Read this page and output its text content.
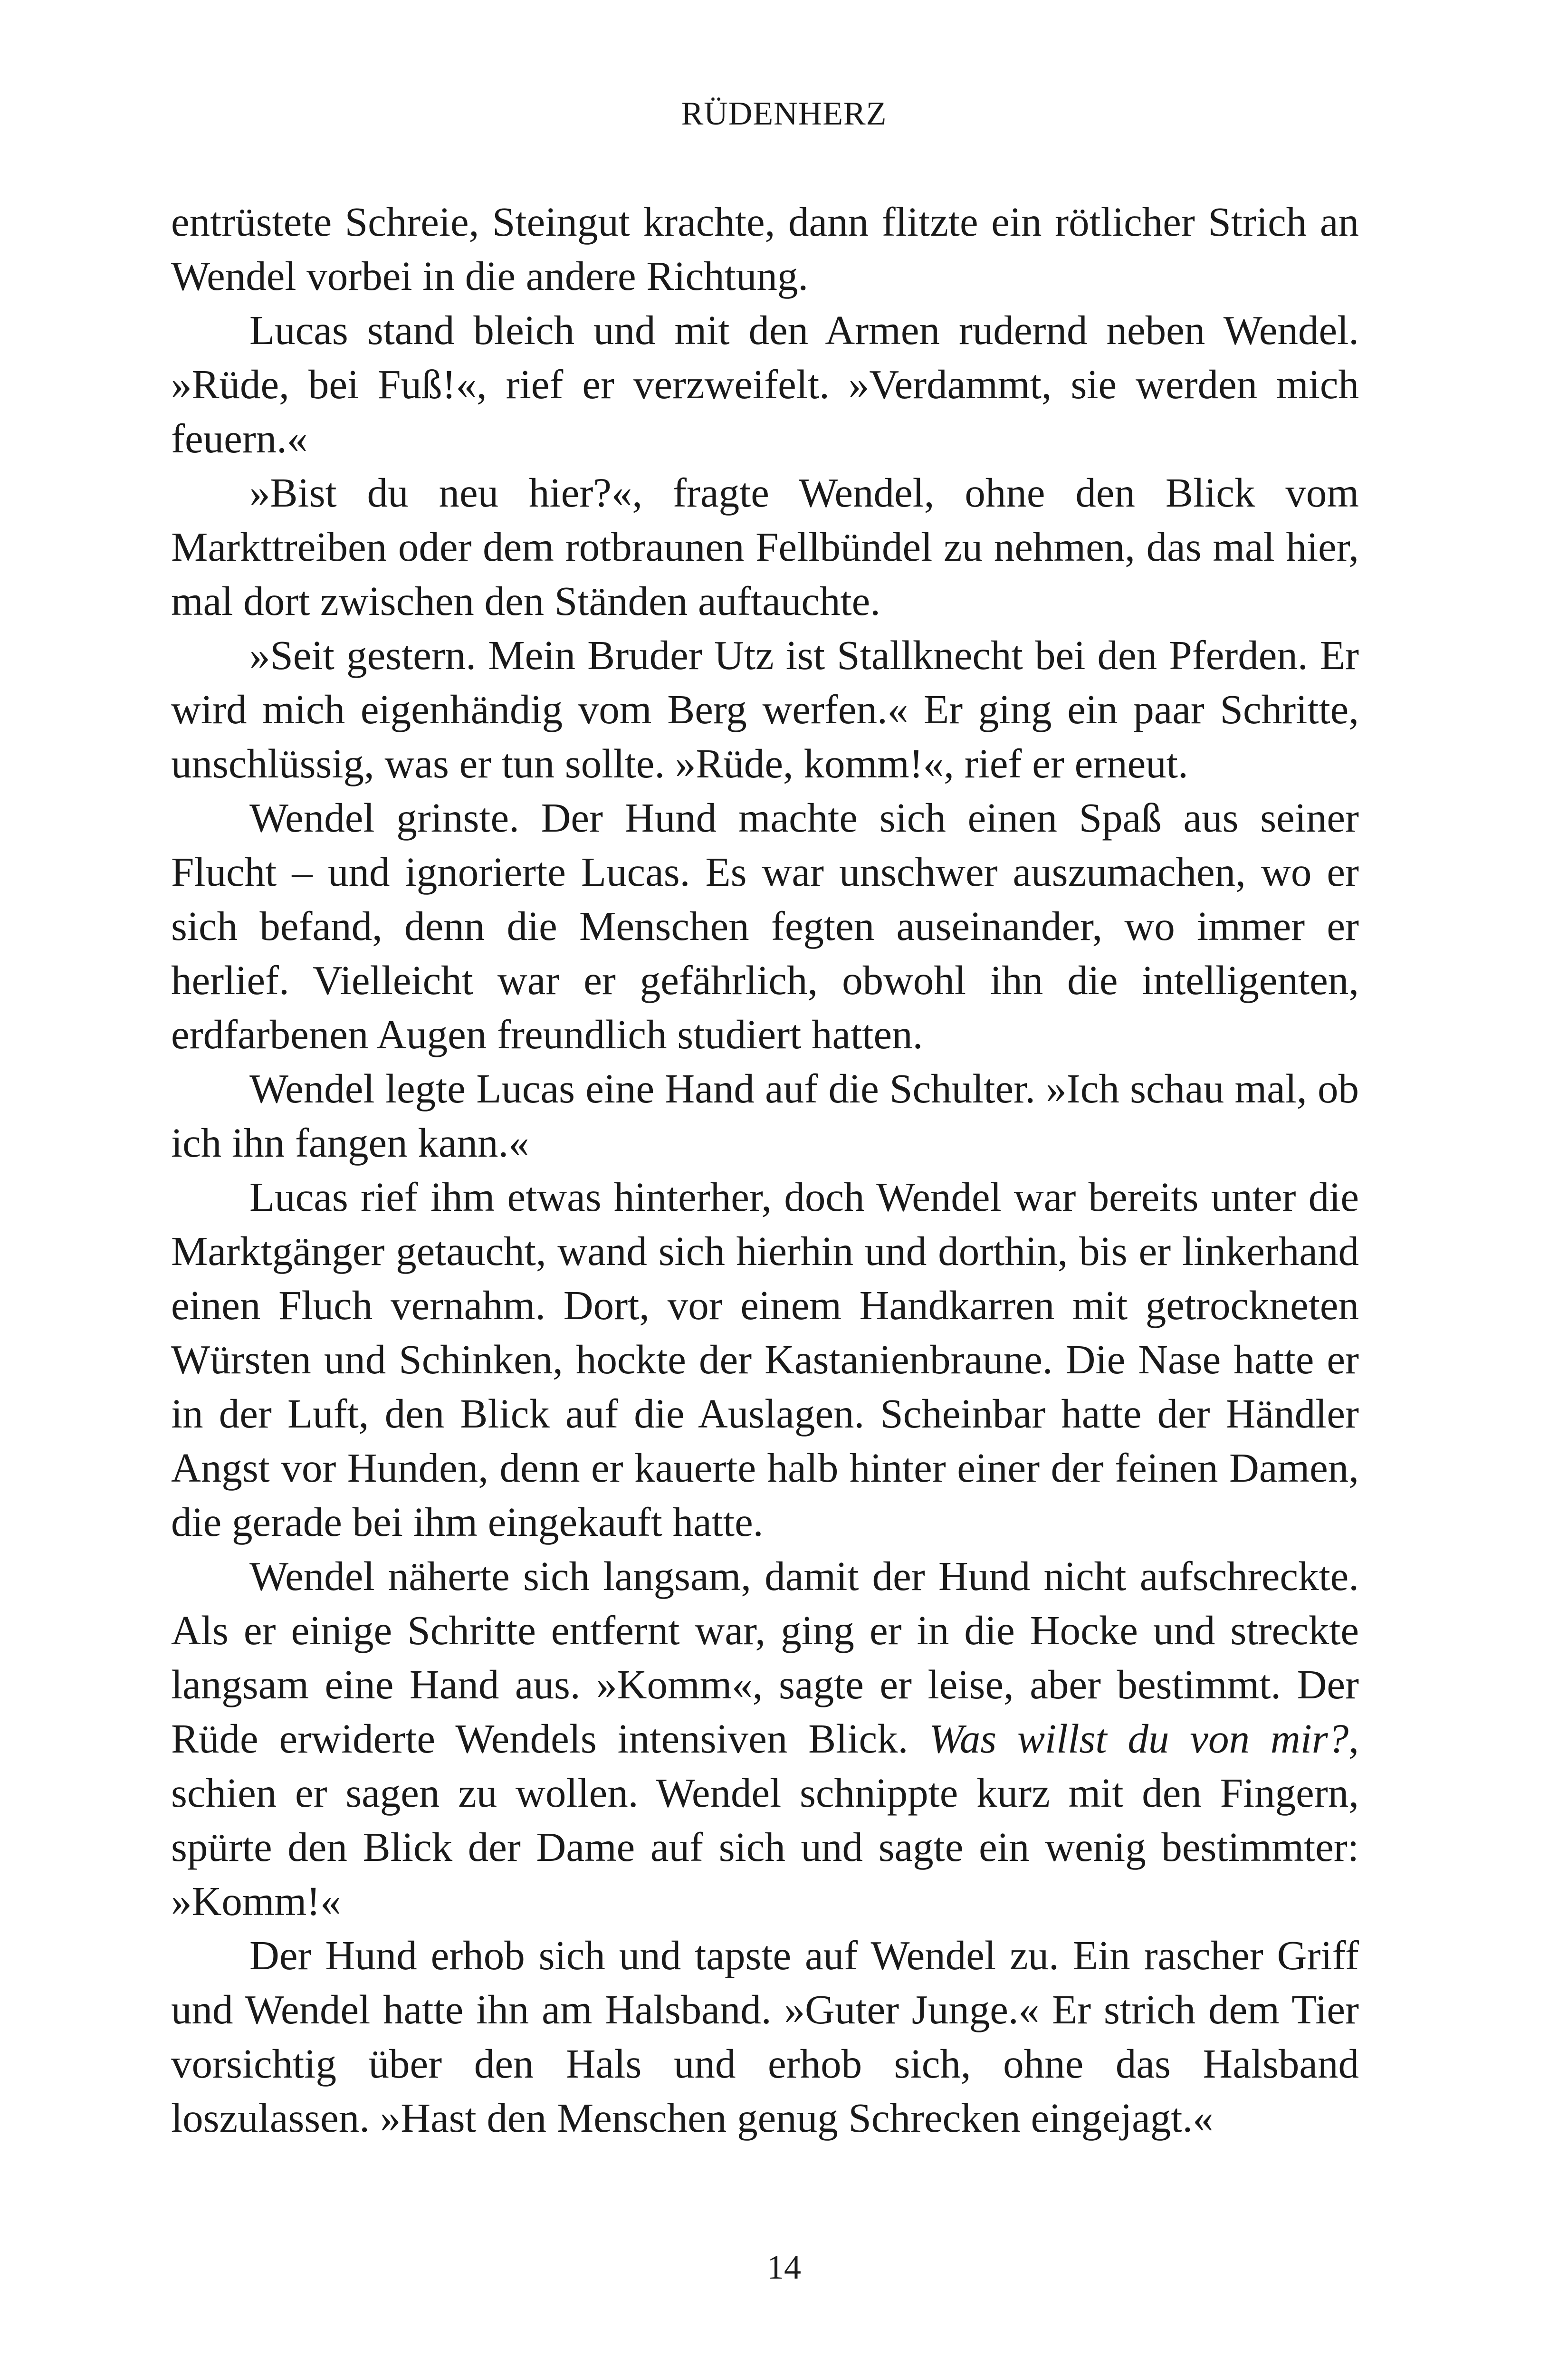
RÜDENHERZ

entrüstete Schreie, Steingut krachte, dann flitzte ein rötlicher Strich an Wendel vorbei in die andere Richtung.

Lucas stand bleich und mit den Armen rudernd neben Wendel. »Rüde, bei Fuß!«, rief er verzweifelt. »Verdammt, sie werden mich feuern.«

»Bist du neu hier?«, fragte Wendel, ohne den Blick vom Markttreiben oder dem rotbraunen Fellbündel zu nehmen, das mal hier, mal dort zwischen den Ständen auftauchte.

»Seit gestern. Mein Bruder Utz ist Stallknecht bei den Pferden. Er wird mich eigenhändig vom Berg werfen.« Er ging ein paar Schritte, unschlüssig, was er tun sollte. »Rüde, komm!«, rief er erneut.

Wendel grinste. Der Hund machte sich einen Spaß aus seiner Flucht – und ignorierte Lucas. Es war unschwer auszumachen, wo er sich befand, denn die Menschen fegten auseinander, wo immer er herlief. Vielleicht war er gefährlich, obwohl ihn die intelligenten, erdfarbenen Augen freundlich studiert hatten.

Wendel legte Lucas eine Hand auf die Schulter. »Ich schau mal, ob ich ihn fangen kann.«

Lucas rief ihm etwas hinterher, doch Wendel war bereits unter die Marktgänger getaucht, wand sich hierhin und dorthin, bis er linkerhand einen Fluch vernahm. Dort, vor einem Handkarren mit getrockneten Würsten und Schinken, hockte der Kastanienbraune. Die Nase hatte er in der Luft, den Blick auf die Auslagen. Scheinbar hatte der Händler Angst vor Hunden, denn er kauerte halb hinter einer der feinen Damen, die gerade bei ihm eingekauft hatte.

Wendel näherte sich langsam, damit der Hund nicht aufschreckte. Als er einige Schritte entfernt war, ging er in die Hocke und streckte langsam eine Hand aus. »Komm«, sagte er leise, aber bestimmt. Der Rüde erwiderte Wendels intensiven Blick. Was willst du von mir?, schien er sagen zu wollen. Wendel schnippte kurz mit den Fingern, spürte den Blick der Dame auf sich und sagte ein wenig bestimmter: »Komm!«

Der Hund erhob sich und tapste auf Wendel zu. Ein rascher Griff und Wendel hatte ihn am Halsband. »Guter Junge.« Er strich dem Tier vorsichtig über den Hals und erhob sich, ohne das Halsband loszulassen. »Hast den Menschen genug Schrecken eingejagt.«

14
